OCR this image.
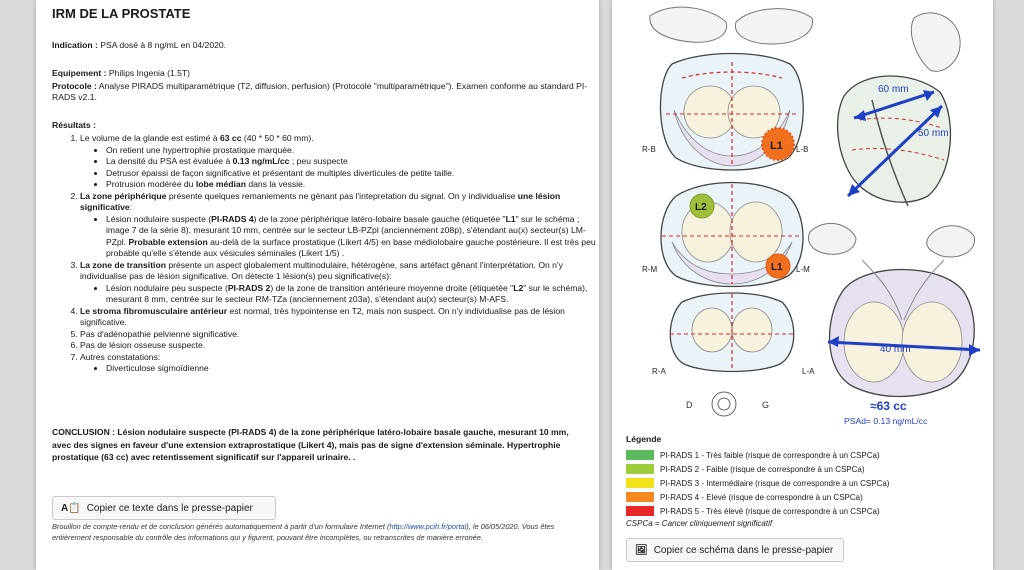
IRM DE LA PROSTATE
Indication : PSA dosé à 8 ng/mL en 04/2020.
Equipement : Philips Ingenia (1.5T)
Protocole : Analyse PIRADS multiparamétrique (T2, diffusion, perfusion) (Protocole "multiparamétrique"). Examen conforme au standard PI-RADS v2.1.
Résultats :
1. Le volume de la glande est estimé à 63 cc (40 * 50 * 60 mm).
• On retient une hypertrophie prostatique marquée.
• La densité du PSA est évaluée à 0.13 ng/mL/cc ; peu suspecte
• Detrusor épaissi de façon significative et présentant de multiples diverticules de petite taille.
• Protrusion modérée du lobe médian dans la vessie.
2. La zone périphérique présente quelques remaniements ne génant pas l'intepretation du signal. On y individualise une lésion significative:
• Lésion nodulaire suspecte (PI-RADS 4) de la zone périphérique latéro-lobaire basale gauche (étiquetée "L1" sur le schéma ; image 7 de la série 8), mesurant 10 mm, centrée sur le secteur LB-PZpl (anciennement z08p), s'étendant au(x) secteur(s) LM-PZpl. Probable extension au-delà de la surface prostatique (Likert 4/5) en base médiolobaire gauche postérieure. Il est très peu probable qu'elle s'étende aux vésicules séminales (Likert 1/5) .
3. La zone de transition présente un aspect globalement multinodulaire, hétérogène, sans artéfact gênant l'interprétation. On n'y individualise pas de lésion significative. On détecte 1 lésion(s) peu significative(s):
• Lésion nodulaire peu suspecte (PI-RADS 2) de la zone de transition antérieure moyenne droite (étiquetée "L2" sur le schéma), mesurant 8 mm, centrée sur le secteur RM-TZa (anciennement z03a), s'étendant au(x) secteur(s) M-AFS.
4. Le stroma fibromusculaire antérieur est normal, très hypointense en T2, mais non suspect. On n'y individualise pas de lésion significative.
5. Pas d'adénopathie pelvienne significative.
6. Pas de lésion osseuse suspecte.
7. Autres constatations:
• Diverticulose sigmoïdienne
CONCLUSION : Lésion nodulaire suspecte (PI-RADS 4) de la zone périphérique latéro-lobaire basale gauche, mesurant 10 mm, avec des signes en faveur d'une extension extraprostatique (Likert 4), mais pas de signe d'extension séminale. Hypertrophie prostatique (63 cc) avec retentissement significatif sur l'appareil urinaire. .
A📋 Copier ce texte dans le presse-papier
Brouillon de compte-rendu et de conclusion générés automatiquement à partir d'un formulaire Internet (http://www.pcih.fr/portal), le 06/05/2020. Vous êtes entièrement responsable du contrôle des informations qui y figurent, pouvant être incomplètes, ou retranscrites de manière erronée.
L1
R-B	L-B
L2
L1
R-M	L-M
R-A	L-A
D	G
60 mm
50 mm
40 mm
≈63 cc
PSAd= 0.13 ng/mL/cc
Légende
PI-RADS 1 - Très faible (risque de correspondre à un CSPCa)
PI-RADS 2 - Faible (risque de correspondre à un CSPCa)
PI-RADS 3 - Intermédiaire (risque de correspondre à un CSPCa)
PI-RADS 4 - Elevé (risque de correspondre à un CSPCa)
PI-RADS 5 - Très élevé (risque de correspondre à un CSPCa)
CSPCa = Cancer cliniquement significatif
🖼 Copier ce schéma dans le presse-papier
